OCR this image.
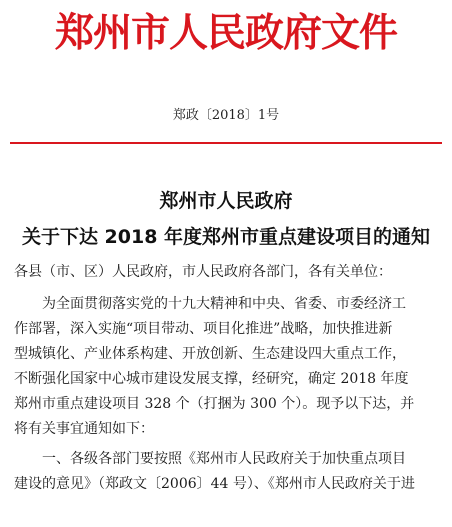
郑州市人民政府文件
郑政〔2018〕1号
郑州市人民政府
关于下达 2018 年度郑州市重点建设项目的通知
各县（市、区）人民政府，市人民政府各部门，各有关单位：
为全面贯彻落实党的十九大精神和中央、省委、市委经济工
作部署，深入实施“项目带动、项目化推进”战略，加快推进新
型城镇化、产业体系构建、开放创新、生态建设四大重点工作，
不断强化国家中心城市建设发展支撑，经研究，确定 2018 年度
郑州市重点建设项目 328 个（打捆为 300 个）。现予以下达，并
将有关事宜通知如下：
一、各级各部门要按照《郑州市人民政府关于加快重点项目
建设的意见》（郑政文〔2006〕44 号）、《郑州市人民政府关于进
